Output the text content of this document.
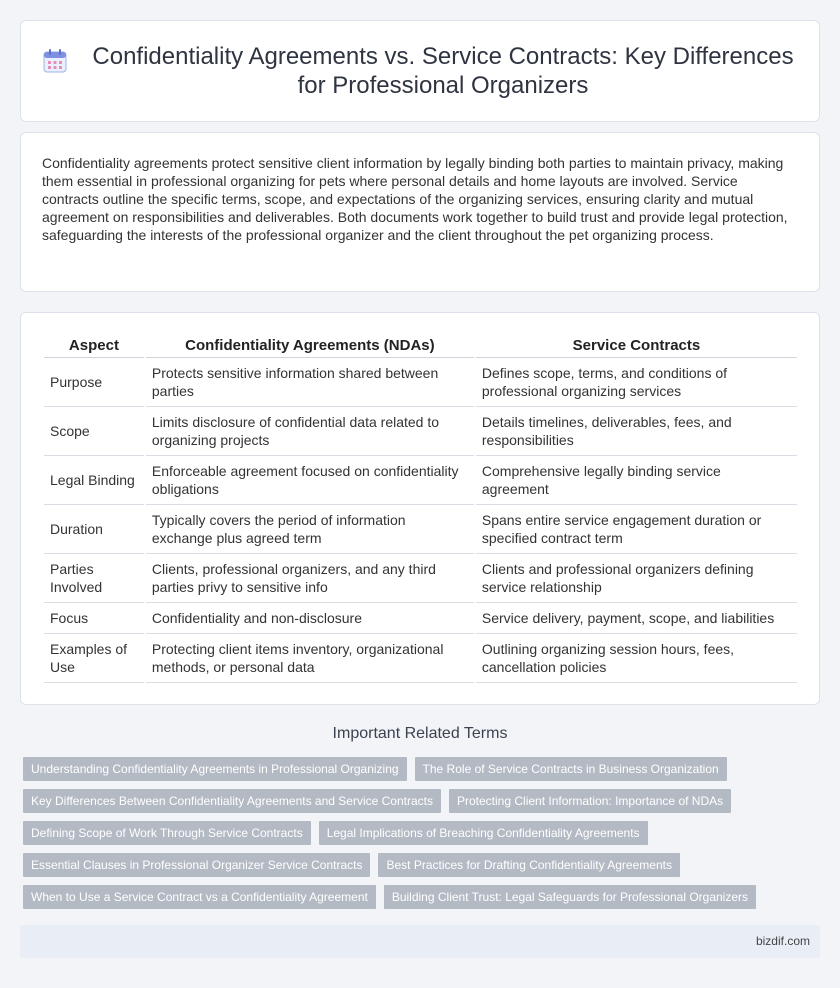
Confidentiality Agreements vs. Service Contracts: Key Differences for Professional Organizers

Confidentiality agreements protect sensitive client information by legally binding both parties to maintain privacy, making them essential in professional organizing for pets where personal details and home layouts are involved. Service contracts outline the specific terms, scope, and expectations of the organizing services, ensuring clarity and mutual agreement on responsibilities and deliverables. Both documents work together to build trust and provide legal protection, safeguarding the interests of the professional organizer and the client throughout the pet organizing process.

Aspect	Confidentiality Agreements (NDAs)	Service Contracts
Purpose	Protects sensitive information shared between parties	Defines scope, terms, and conditions of professional organizing services
Scope	Limits disclosure of confidential data related to organizing projects	Details timelines, deliverables, fees, and responsibilities
Legal Binding	Enforceable agreement focused on confidentiality obligations	Comprehensive legally binding service agreement
Duration	Typically covers the period of information exchange plus agreed term	Spans entire service engagement duration or specified contract term
Parties Involved	Clients, professional organizers, and any third parties privy to sensitive info	Clients and professional organizers defining service relationship
Focus	Confidentiality and non-disclosure	Service delivery, payment, scope, and liabilities
Examples of Use	Protecting client items inventory, organizational methods, or personal data	Outlining organizing session hours, fees, cancellation policies
Important Related Terms
Understanding Confidentiality Agreements in Professional Organizing	The Role of Service Contracts in Business Organization
Key Differences Between Confidentiality Agreements and Service Contracts	Protecting Client Information: Importance of NDAs
Defining Scope of Work Through Service Contracts	Legal Implications of Breaching Confidentiality Agreements
Essential Clauses in Professional Organizer Service Contracts	Best Practices for Drafting Confidentiality Agreements
When to Use a Service Contract vs a Confidentiality Agreement	Building Client Trust: Legal Safeguards for Professional Organizers
bizdif.com
